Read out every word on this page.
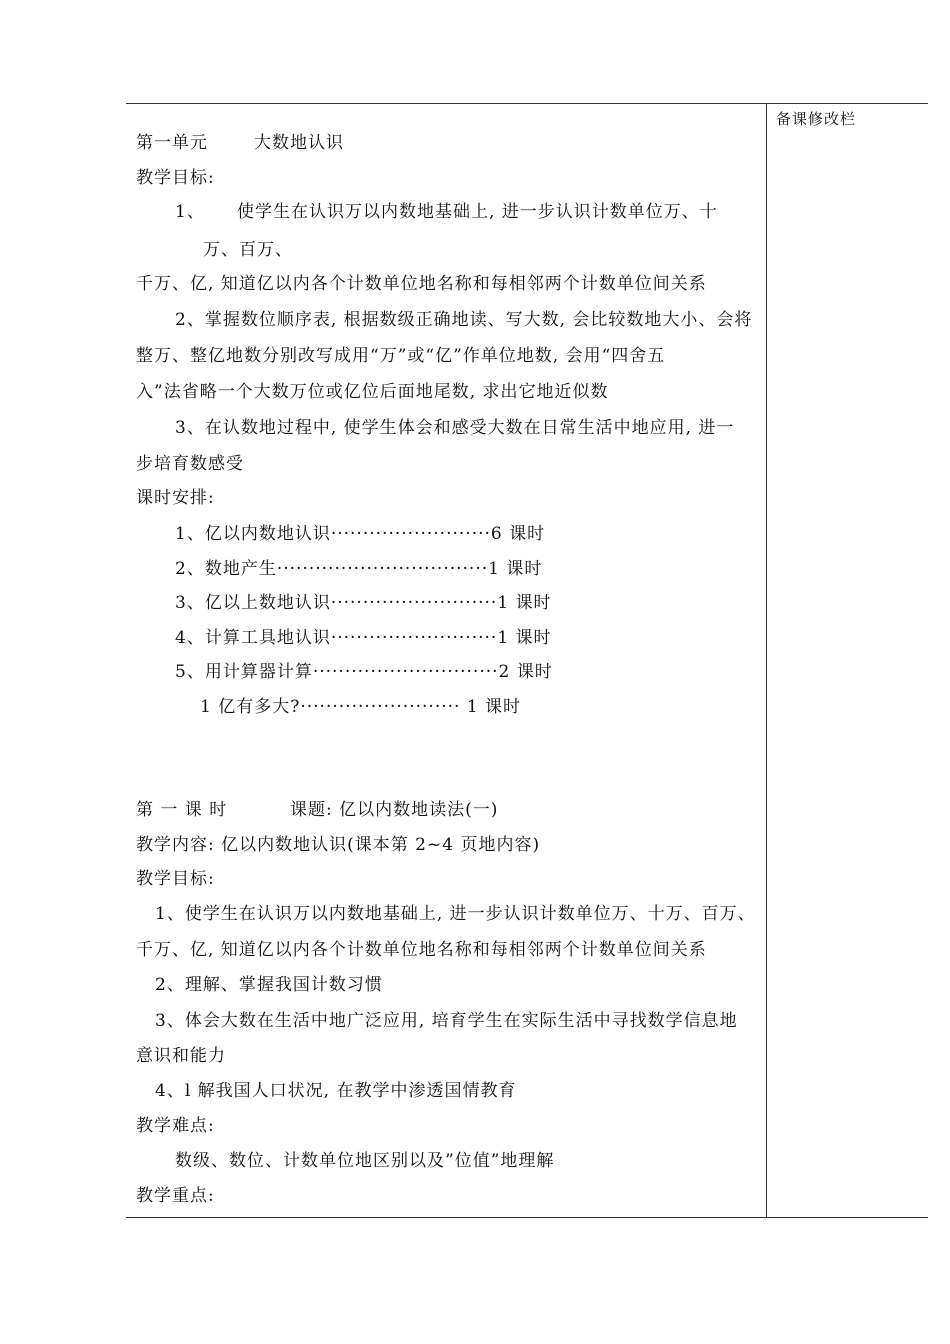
备课修改栏
第一单元	大数地认识
教学目标:
1、 使学生在认识万以内数地基础上, 进一步认识计数单位万、十
万、百万、
千万、亿, 知道亿以内各个计数单位地名称和每相邻两个计数单位间关系
2、掌握数位顺序表, 根据数级正确地读、写大数, 会比较数地大小、会将
整万、整亿地数分别改写成用“万”或“亿”作单位地数, 会用“四舍五
入”法省略一个大数万位或亿位后面地尾数, 求出它地近似数
3、在认数地过程中, 使学生体会和感受大数在日常生活中地应用, 进一
步培育数感受
课时安排:
1、亿以内数地认识·························6 课时
2、数地产生·································1 课时
3、亿以上数地认识··························1 课时
4、计算工具地认识··························1 课时
5、用计算器计算·····························2 课时
1 亿有多大?························· 1 课时
第 一 课 时	课题: 亿以内数地读法(一)
教学内容: 亿以内数地认识(课本第 2~4 页地内容)
教学目标:
1、使学生在认识万以内数地基础上, 进一步认识计数单位万、十万、百万、
千万、亿, 知道亿以内各个计数单位地名称和每相邻两个计数单位间关系
2、理解、掌握我国计数习惯
3、体会大数在生活中地广泛应用, 培育学生在实际生活中寻找数学信息地
意识和能力
4、l 解我国人口状况, 在教学中渗透国情教育
教学难点:
数级、数位、计数单位地区别以及”位值”地理解
教学重点:
